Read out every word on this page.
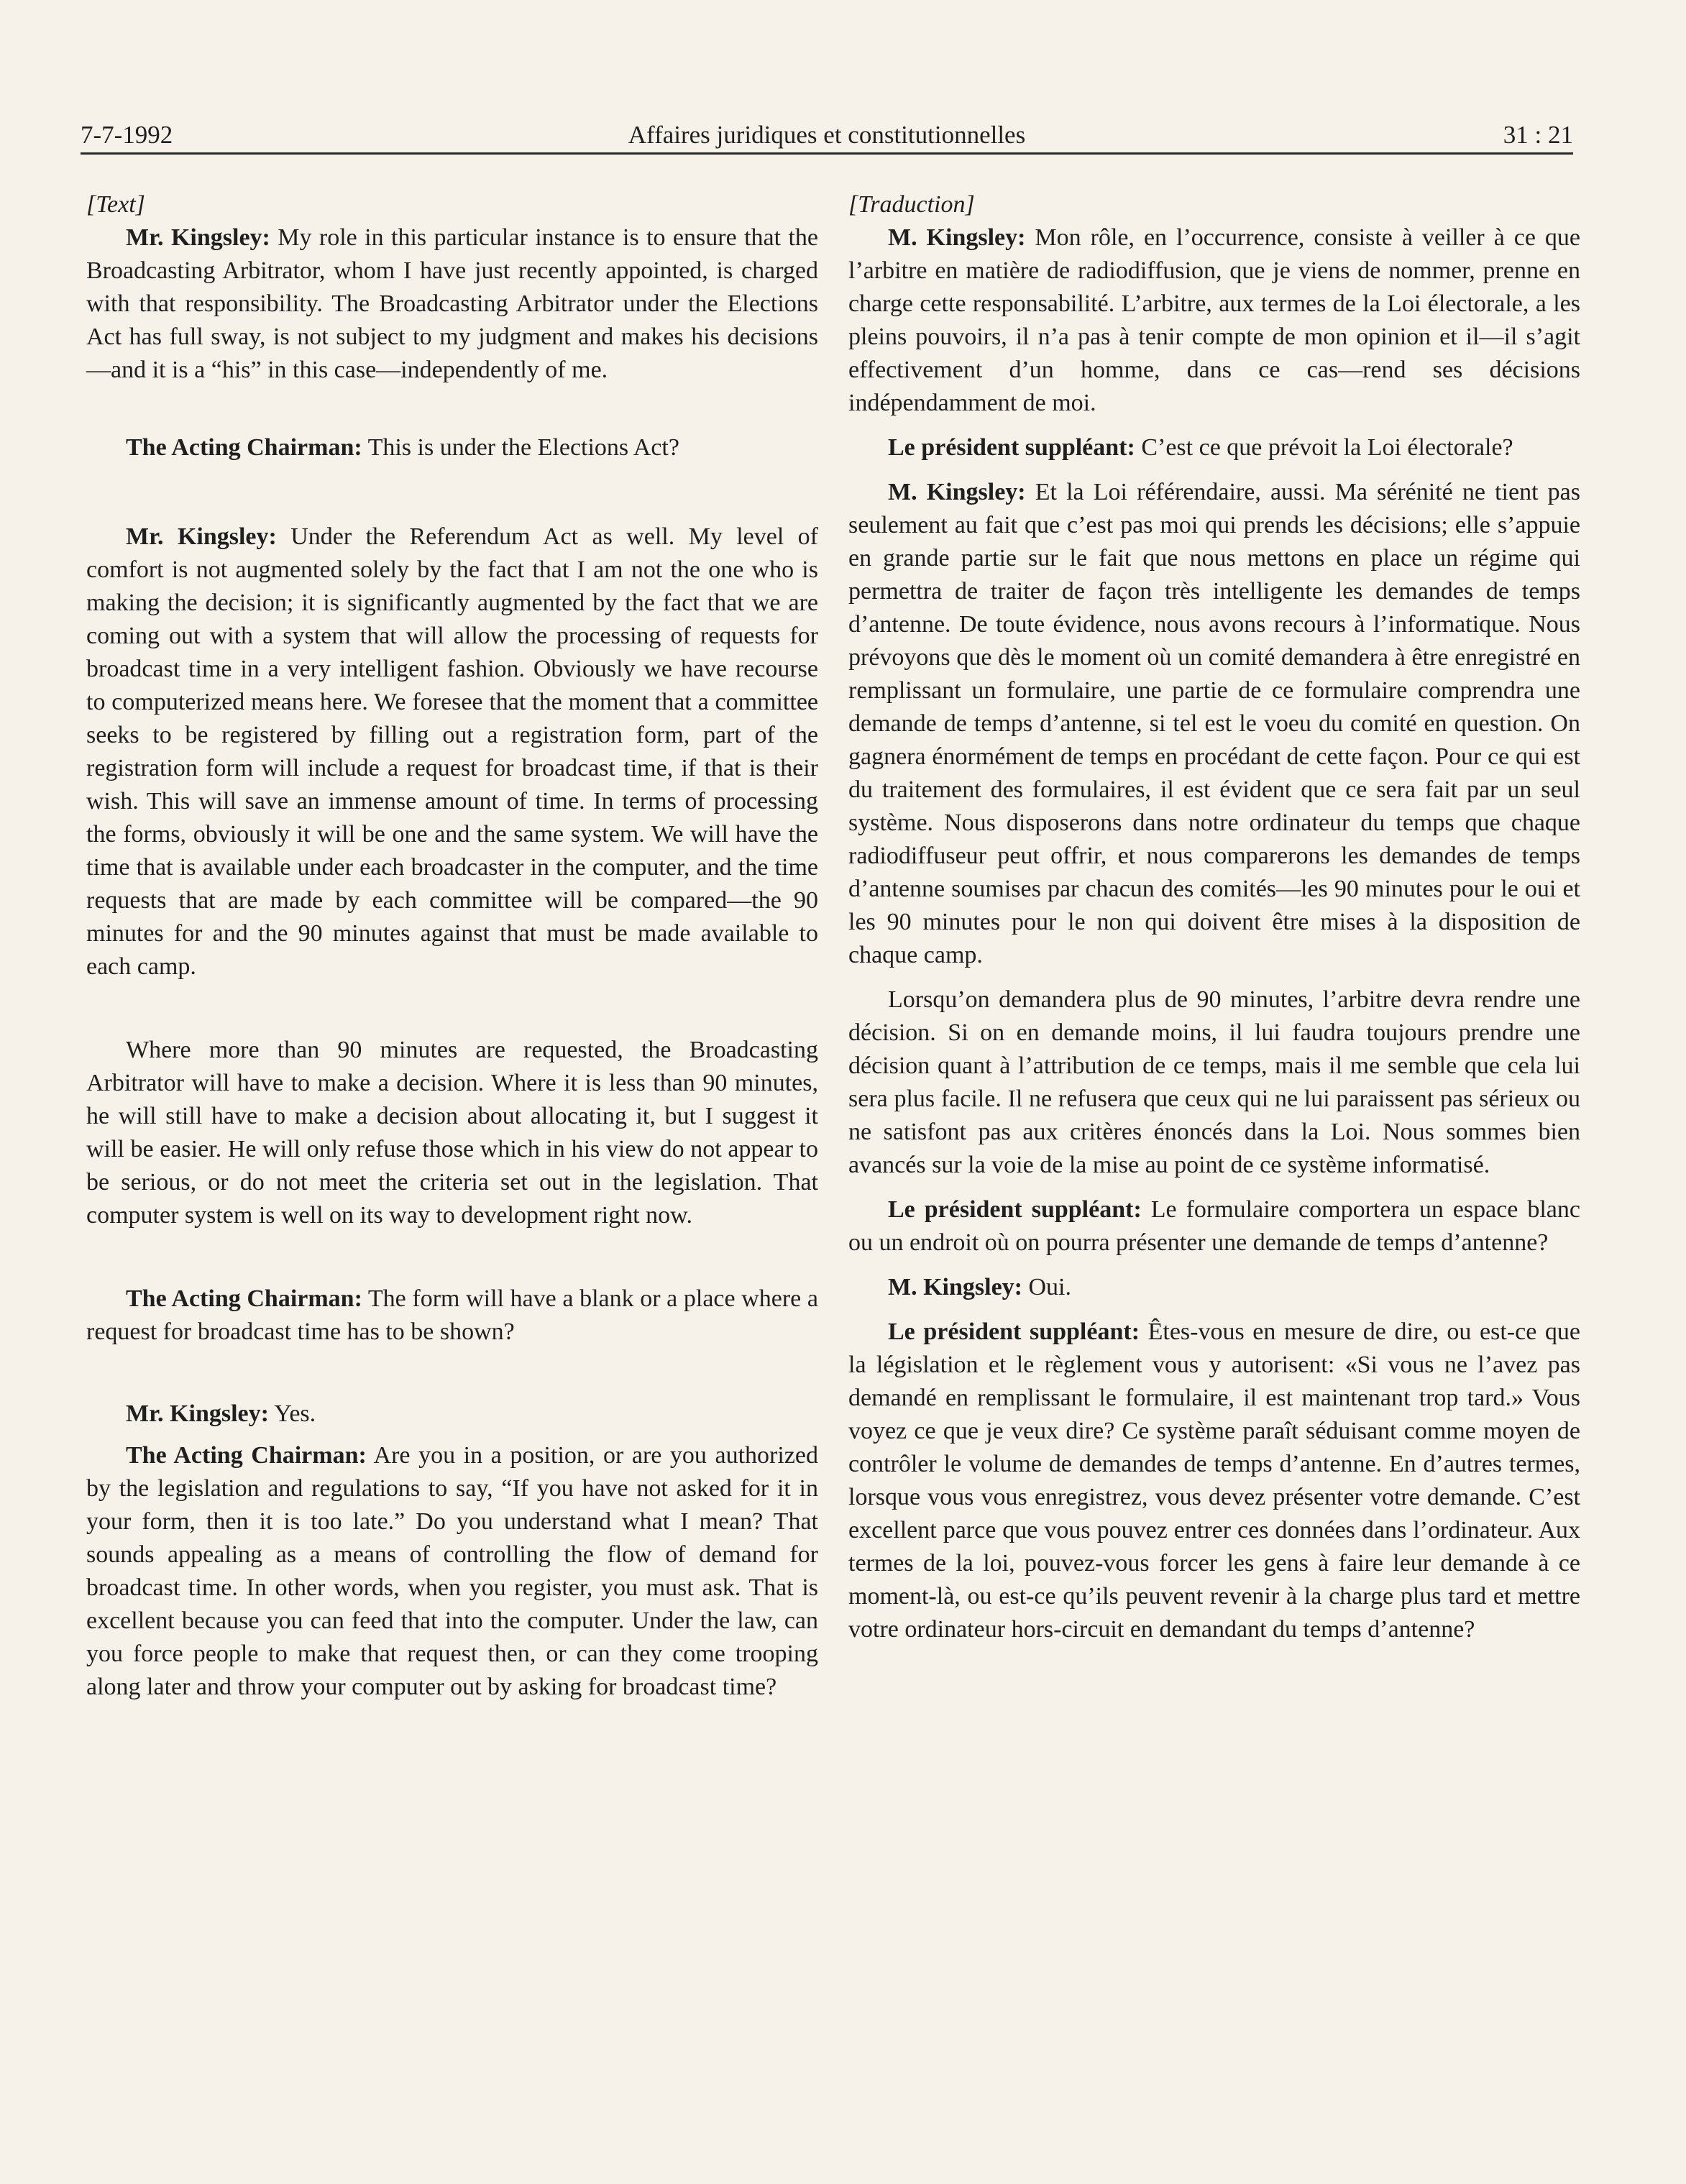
7-7-1992	Affaires juridiques et constitutionnelles	31 : 21
[Text]

Mr. Kingsley: My role in this particular instance is to ensure that the Broadcasting Arbitrator, whom I have just recently appointed, is charged with that responsibility. The Broadcasting Arbitrator under the Elections Act has full sway, is not subject to my judgment and makes his decisions—and it is a “his” in this case—independently of me.

The Acting Chairman: This is under the Elections Act?

Mr. Kingsley: Under the Referendum Act as well. My level of comfort is not augmented solely by the fact that I am not the one who is making the decision; it is significantly augmented by the fact that we are coming out with a system that will allow the processing of requests for broadcast time in a very intelligent fashion. Obviously we have recourse to computerized means here. We foresee that the moment that a committee seeks to be registered by filling out a registration form, part of the registration form will include a request for broadcast time, if that is their wish. This will save an immense amount of time. In terms of processing the forms, obviously it will be one and the same system. We will have the time that is available under each broadcaster in the computer, and the time requests that are made by each committee will be compared—the 90 minutes for and the 90 minutes against that must be made available to each camp.

Where more than 90 minutes are requested, the Broadcasting Arbitrator will have to make a decision. Where it is less than 90 minutes, he will still have to make a decision about allocating it, but I suggest it will be easier. He will only refuse those which in his view do not appear to be serious, or do not meet the criteria set out in the legislation. That computer system is well on its way to development right now.

The Acting Chairman: The form will have a blank or a place where a request for broadcast time has to be shown?

Mr. Kingsley: Yes.

The Acting Chairman: Are you in a position, or are you authorized by the legislation and regulations to say, “If you have not asked for it in your form, then it is too late.” Do you understand what I mean? That sounds appealing as a means of controlling the flow of demand for broadcast time. In other words, when you register, you must ask. That is excellent because you can feed that into the computer. Under the law, can you force people to make that request then, or can they come trooping along later and throw your computer out by asking for broadcast time?

[Traduction]

M. Kingsley: Mon rôle, en l’occurrence, consiste à veiller à ce que l’arbitre en matière de radiodiffusion, que je viens de nommer, prenne en charge cette responsabilité. L’arbitre, aux termes de la Loi électorale, a les pleins pouvoirs, il n’a pas à tenir compte de mon opinion et il—il s’agit effectivement d’un homme, dans ce cas—rend ses décisions indépendamment de moi.

Le président suppléant: C’est ce que prévoit la Loi électorale?

M. Kingsley: Et la Loi référendaire, aussi. Ma sérénité ne tient pas seulement au fait que c’est pas moi qui prends les décisions; elle s’appuie en grande partie sur le fait que nous mettons en place un régime qui permettra de traiter de façon très intelligente les demandes de temps d’antenne. De toute évidence, nous avons recours à l’informatique. Nous prévoyons que dès le moment où un comité demandera à être enregistré en remplissant un formulaire, une partie de ce formulaire comprendra une demande de temps d’antenne, si tel est le voeu du comité en question. On gagnera énormément de temps en procédant de cette façon. Pour ce qui est du traitement des formulaires, il est évident que ce sera fait par un seul système. Nous disposerons dans notre ordinateur du temps que chaque radiodiffuseur peut offrir, et nous comparerons les demandes de temps d’antenne soumises par chacun des comités—les 90 minutes pour le oui et les 90 minutes pour le non qui doivent être mises à la disposition de chaque camp.

Lorsqu’on demandera plus de 90 minutes, l’arbitre devra rendre une décision. Si on en demande moins, il lui faudra toujours prendre une décision quant à l’attribution de ce temps, mais il me semble que cela lui sera plus facile. Il ne refusera que ceux qui ne lui paraissent pas sérieux ou ne satisfont pas aux critères énoncés dans la Loi. Nous sommes bien avancés sur la voie de la mise au point de ce système informatisé.

Le président suppléant: Le formulaire comportera un espace blanc ou un endroit où on pourra présenter une demande de temps d’antenne?

M. Kingsley: Oui.

Le président suppléant: Êtes-vous en mesure de dire, ou est-ce que la législation et le règlement vous y autorisent: «Si vous ne l’avez pas demandé en remplissant le formulaire, il est maintenant trop tard.» Vous voyez ce que je veux dire? Ce système paraît séduisant comme moyen de contrôler le volume de demandes de temps d’antenne. En d’autres termes, lorsque vous vous enregistrez, vous devez présenter votre demande. C’est excellent parce que vous pouvez entrer ces données dans l’ordinateur. Aux termes de la loi, pouvez-vous forcer les gens à faire leur demande à ce moment-là, ou est-ce qu’ils peuvent revenir à la charge plus tard et mettre votre ordinateur hors-circuit en demandant du temps d’antenne?
